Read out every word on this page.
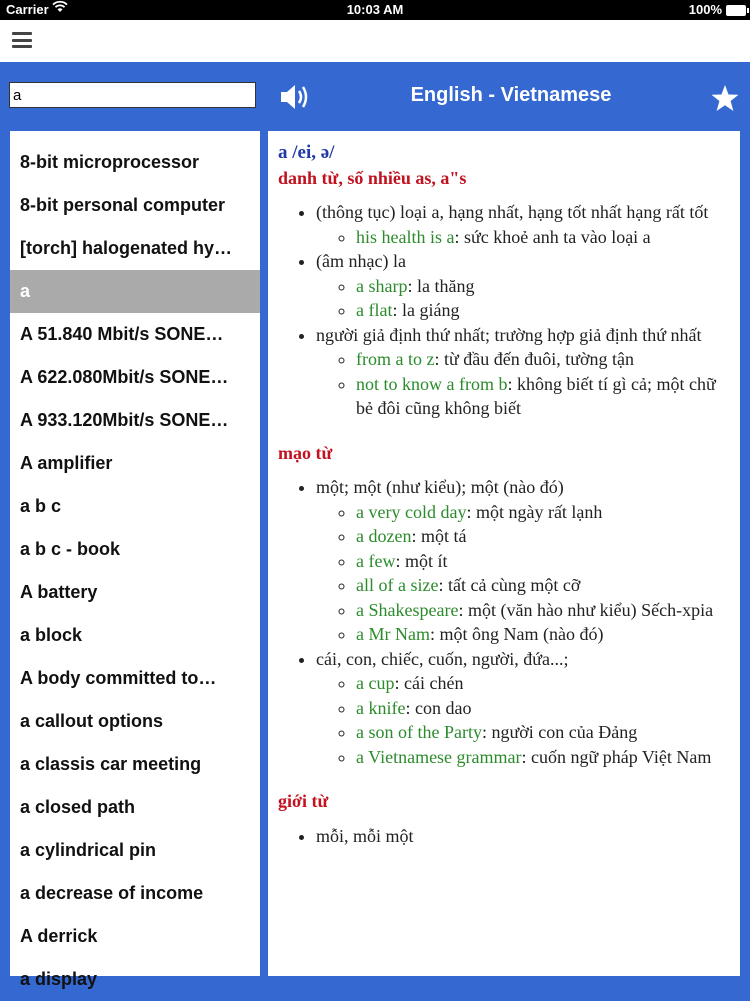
Carrier	10:03 AM	100%
a
English - Vietnamese
8-bit microprocessor
8-bit personal computer
[torch] halogenated hy…
a
A 51.840 Mbit/s SONE…
A 622.080Mbit/s SONE…
A 933.120Mbit/s SONE…
A amplifier
a b c
a b c - book
A battery
a block
A body committed to…
a callout options
a classis car meeting
a closed path
a cylindrical pin
a decrease of income
A derrick
a display
a /ei, ə/
danh từ, số nhiều as, a"s
• (thông tục) loại a, hạng nhất, hạng tốt nhất hạng rất tốt
◦ his health is a: sức khoẻ anh ta vào loại a
• (âm nhạc) la
◦ a sharp: la thăng
◦ a flat: la giáng
• người giả định thứ nhất; trường hợp giả định thứ nhất
◦ from a to z: từ đầu đến đuôi, tường tận
◦ not to know a from b: không biết tí gì cả; một chữ bẻ đôi cũng không biết
mạo từ
• một; một (như kiểu); một (nào đó)
◦ a very cold day: một ngày rất lạnh
◦ a dozen: một tá
◦ a few: một ít
◦ all of a size: tất cả cùng một cỡ
◦ a Shakespeare: một (văn hào như kiểu) Sếch-xpia
◦ a Mr Nam: một ông Nam (nào đó)
• cái, con, chiếc, cuốn, người, đứa...;
◦ a cup: cái chén
◦ a knife: con dao
◦ a son of the Party: người con của Đảng
◦ a Vietnamese grammar: cuốn ngữ pháp Việt Nam
giới từ
• mỗi, mỗi một
